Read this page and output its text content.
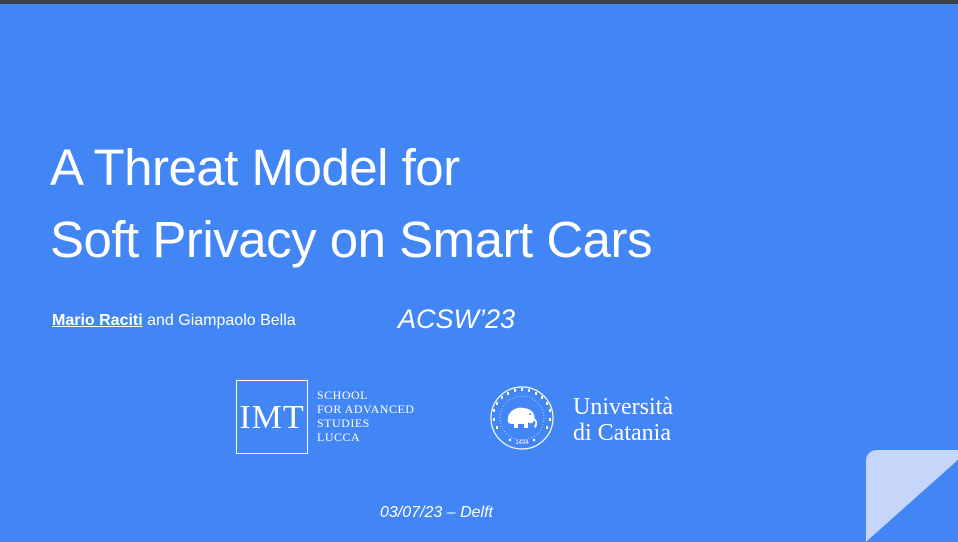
A Threat Model for
Soft Privacy on Smart Cars
Mario Raciti and Giampaolo Bella	ACSW’23
IMT
SCHOOL
FOR ADVANCED
STUDIES
LUCCA	1434
Università
di Catania
03/07/23 – Delft
